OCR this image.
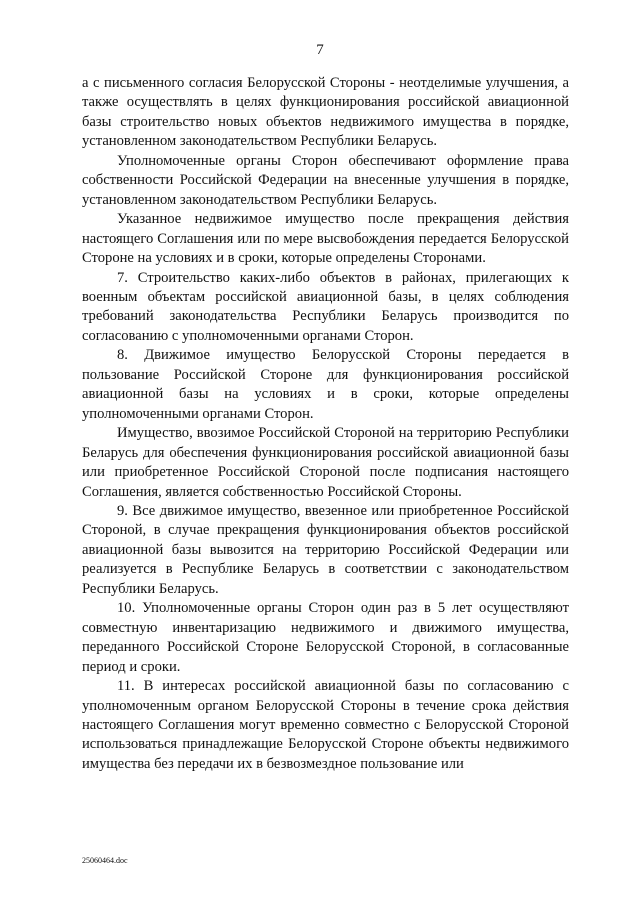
7

а с письменного согласия Белорусской Стороны - неотделимые улучшения, а также осуществлять в целях функционирования российской авиационной базы строительство новых объектов недвижимого имущества в порядке, установленном законодательством Республики Беларусь.

Уполномоченные органы Сторон обеспечивают оформление права собственности Российской Федерации на внесенные улучшения в порядке, установленном законодательством Республики Беларусь.

Указанное недвижимое имущество после прекращения действия настоящего Соглашения или по мере высвобождения передается Белорусской Стороне на условиях и в сроки, которые определены Сторонами.

7. Строительство каких-либо объектов в районах, прилегающих к военным объектам российской авиационной базы, в целях соблюдения требований законодательства Республики Беларусь производится по согласованию с уполномоченными органами Сторон.

8. Движимое имущество Белорусской Стороны передается в пользование Российской Стороне для функционирования российской авиационной базы на условиях и в сроки, которые определены уполномоченными органами Сторон.

Имущество, ввозимое Российской Стороной на территорию Республики Беларусь для обеспечения функционирования российской авиационной базы или приобретенное Российской Стороной после подписания настоящего Соглашения, является собственностью Российской Стороны.

9. Все движимое имущество, ввезенное или приобретенное Российской Стороной, в случае прекращения функционирования объектов российской авиационной базы вывозится на территорию Российской Федерации или реализуется в Республике Беларусь в соответствии с законодательством Республики Беларусь.

10. Уполномоченные органы Сторон один раз в 5 лет осуществляют совместную инвентаризацию недвижимого и движимого имущества, переданного Российской Стороне Белорусской Стороной, в согласованные период и сроки.

11. В интересах российской авиационной базы по согласованию с уполномоченным органом Белорусской Стороны в течение срока действия настоящего Соглашения могут временно совместно с Белорусской Стороной использоваться принадлежащие Белорусской Стороне объекты недвижимого имущества без передачи их в безвозмездное пользование или

25060464.doc
